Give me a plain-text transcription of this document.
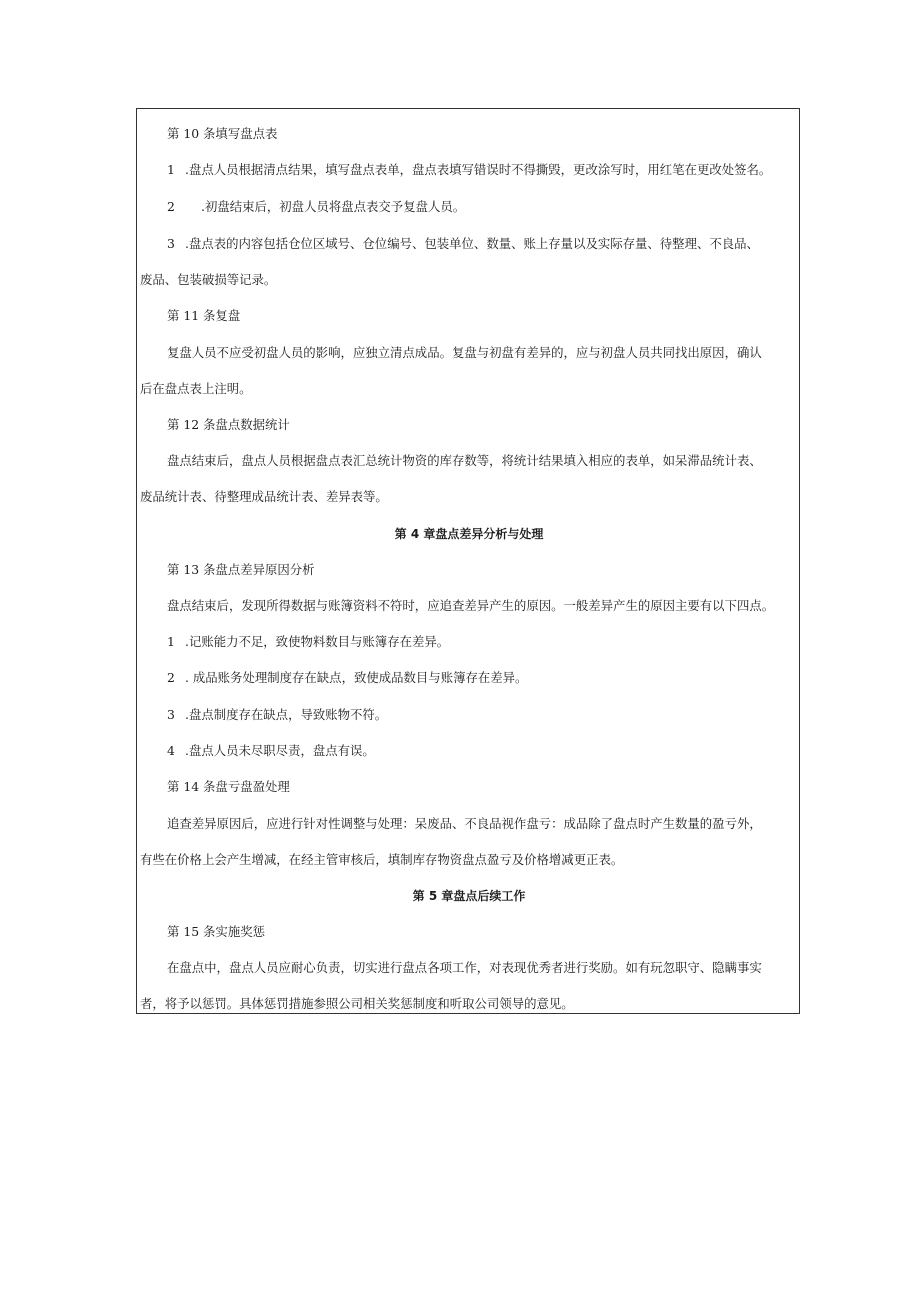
第 10 条填写盘点表
1 .盘点人员根据清点结果，填写盘点表单，盘点表填写错误时不得撕毁，更改涂写时，用红笔在更改处签名。
2 .初盘结束后，初盘人员将盘点表交予复盘人员。
3 .盘点表的内容包括仓位区域号、仓位编号、包装单位、数量、账上存量以及实际存量、待整理、不良品、
废品、包装破损等记录。
第 11 条复盘
复盘人员不应受初盘人员的影响，应独立清点成品。复盘与初盘有差异的，应与初盘人员共同找出原因，确认
后在盘点表上注明。
第 12 条盘点数据统计
盘点结束后，盘点人员根据盘点表汇总统计物资的库存数等，将统计结果填入相应的表单，如呆滞品统计表、
废品统计表、待整理成品统计表、差异表等。
第 4 章盘点差异分析与处理
第 13 条盘点差异原因分析
盘点结束后，发现所得数据与账簿资料不符时，应追查差异产生的原因。一般差异产生的原因主要有以下四点。
1 .记账能力不足，致使物料数目与账簿存在差异。
2 . 成品账务处理制度存在缺点，致使成品数目与账簿存在差异。
3 .盘点制度存在缺点，导致账物不符。
4 .盘点人员未尽职尽责，盘点有误。
第 14 条盘亏盘盈处理
追查差异原因后，应进行针对性调整与处理：呆废品、不良品视作盘亏：成品除了盘点时产生数量的盈亏外，
有些在价格上会产生增减，在经主管审核后，填制库存物资盘点盈亏及价格增减更正表。
第 5 章盘点后续工作
第 15 条实施奖惩
在盘点中，盘点人员应耐心负责，切实进行盘点各项工作，对表现优秀者进行奖励。如有玩忽职守、隐瞒事实
者，将予以惩罚。具体惩罚措施参照公司相关奖惩制度和听取公司领导的意见。
